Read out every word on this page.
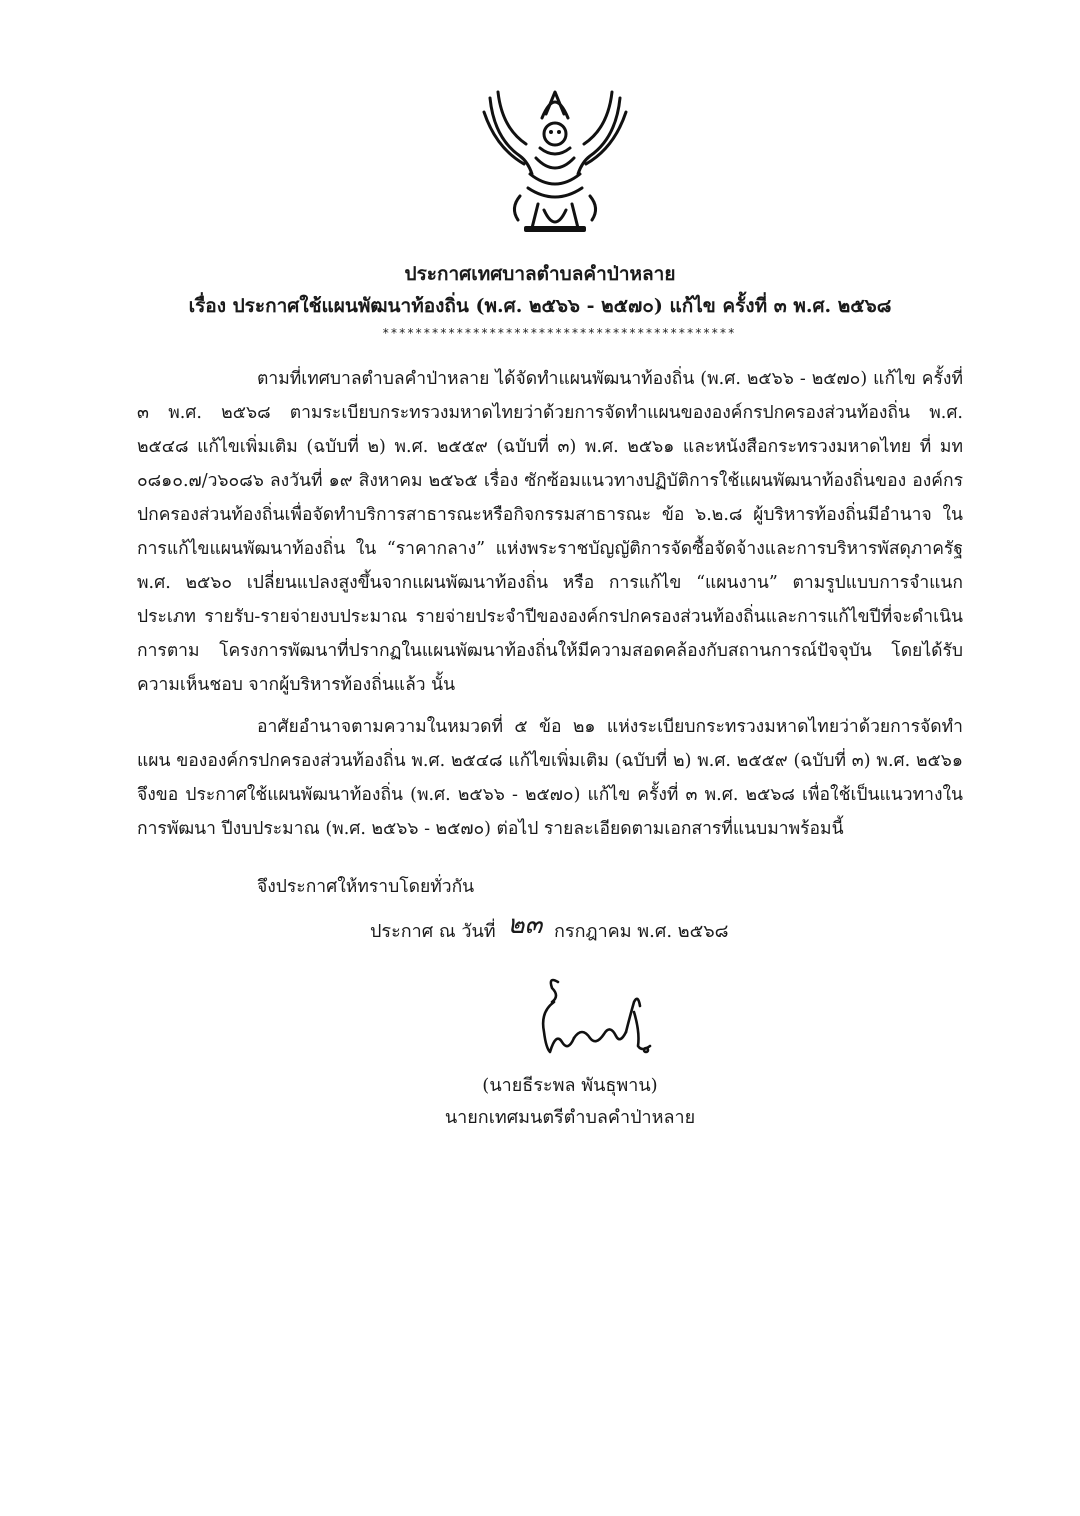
ประกาศเทศบาลตำบลคำป่าหลาย
เรื่อง ประกาศใช้แผนพัฒนาท้องถิ่น (พ.ศ. ๒๕๖๖ - ๒๕๗๐) แก้ไข ครั้งที่ ๓ พ.ศ. ๒๕๖๘
*******************************************

ตามที่เทศบาลตำบลคำป่าหลาย ได้จัดทำแผนพัฒนาท้องถิ่น (พ.ศ. ๒๕๖๖ - ๒๕๗๐) แก้ไข ครั้งที่ ๓ พ.ศ. ๒๕๖๘ ตามระเบียบกระทรวงมหาดไทยว่าด้วยการจัดทำแผนขององค์กรปกครองส่วนท้องถิ่น พ.ศ. ๒๕๔๘ แก้ไขเพิ่มเติม (ฉบับที่ ๒) พ.ศ. ๒๕๕๙ (ฉบับที่ ๓) พ.ศ. ๒๕๖๑ และหนังสือกระทรวงมหาดไทย ที่ มท ๐๘๑๐.๗/ว๖๐๘๖ ลงวันที่ ๑๙ สิงหาคม ๒๕๖๕ เรื่อง ซักซ้อมแนวทางปฏิบัติการใช้แผนพัฒนาท้องถิ่นของ องค์กรปกครองส่วนท้องถิ่นเพื่อจัดทำบริการสาธารณะหรือกิจกรรมสาธารณะ ข้อ ๖.๒.๘ ผู้บริหารท้องถิ่นมีอำนาจ ในการแก้ไขแผนพัฒนาท้องถิ่น ใน “ราคากลาง” แห่งพระราชบัญญัติการจัดซื้อจัดจ้างและการบริหารพัสดุภาครัฐ พ.ศ. ๒๕๖๐ เปลี่ยนแปลงสูงขึ้นจากแผนพัฒนาท้องถิ่น หรือ การแก้ไข “แผนงาน” ตามรูปแบบการจำแนกประเภท รายรับ-รายจ่ายงบประมาณ รายจ่ายประจำปีขององค์กรปกครองส่วนท้องถิ่นและการแก้ไขปีที่จะดำเนินการตาม โครงการพัฒนาที่ปรากฏในแผนพัฒนาท้องถิ่นให้มีความสอดคล้องกับสถานการณ์ปัจจุบัน โดยได้รับความเห็นชอบ จากผู้บริหารท้องถิ่นแล้ว นั้น

อาศัยอำนาจตามความในหมวดที่ ๕ ข้อ ๒๑ แห่งระเบียบกระทรวงมหาดไทยว่าด้วยการจัดทำแผน ขององค์กรปกครองส่วนท้องถิ่น พ.ศ. ๒๕๔๘ แก้ไขเพิ่มเติม (ฉบับที่ ๒) พ.ศ. ๒๕๕๙ (ฉบับที่ ๓) พ.ศ. ๒๕๖๑ จึงขอ ประกาศใช้แผนพัฒนาท้องถิ่น (พ.ศ. ๒๕๖๖ - ๒๕๗๐) แก้ไข ครั้งที่ ๓ พ.ศ. ๒๕๖๘ เพื่อใช้เป็นแนวทางในการพัฒนา ปีงบประมาณ (พ.ศ. ๒๕๖๖ - ๒๕๗๐) ต่อไป รายละเอียดตามเอกสารที่แนบมาพร้อมนี้

จึงประกาศให้ทราบโดยทั่วกัน

ประกาศ ณ วันที่ ๒๓ กรกฎาคม พ.ศ. ๒๕๖๘
(นายธีระพล พันธุพาน)
นายกเทศมนตรีตำบลคำป่าหลาย
